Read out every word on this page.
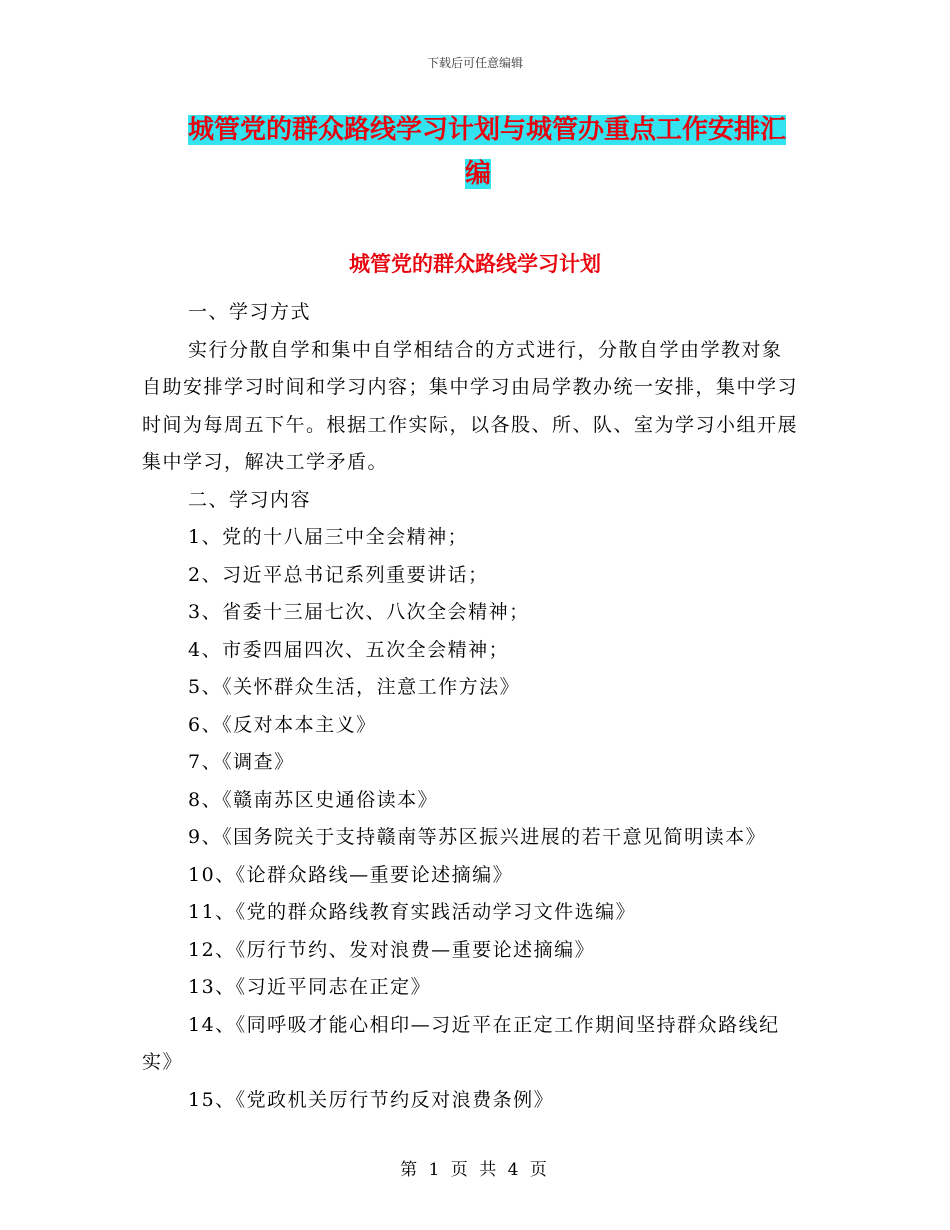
下载后可任意编辑
城管党的群众路线学习计划与城管办重点工作安排汇
编
城管党的群众路线学习计划

一、学习方式

实行分散自学和集中自学相结合的方式进行，分散自学由学教对象自助安排学习时间和学习内容；集中学习由局学教办统一安排，集中学习时间为每周五下午。根据工作实际，以各股、所、队、室为学习小组开展集中学习，解决工学矛盾。

二、学习内容

1、党的十八届三中全会精神；

2、习近平总书记系列重要讲话；

3、省委十三届七次、八次全会精神；

4、市委四届四次、五次全会精神；

5、《关怀群众生活，注意工作方法》

6、《反对本本主义》

7、《调查》

8、《赣南苏区史通俗读本》

9、《国务院关于支持赣南等苏区振兴进展的若干意见简明读本》

10、《论群众路线—重要论述摘编》

11、《党的群众路线教育实践活动学习文件选编》

12、《厉行节约、发对浪费—重要论述摘编》

13、《习近平同志在正定》

14、《同呼吸才能心相印—习近平在正定工作期间坚持群众路线纪实》

15、《党政机关厉行节约反对浪费条例》

第 1 页 共 4 页
